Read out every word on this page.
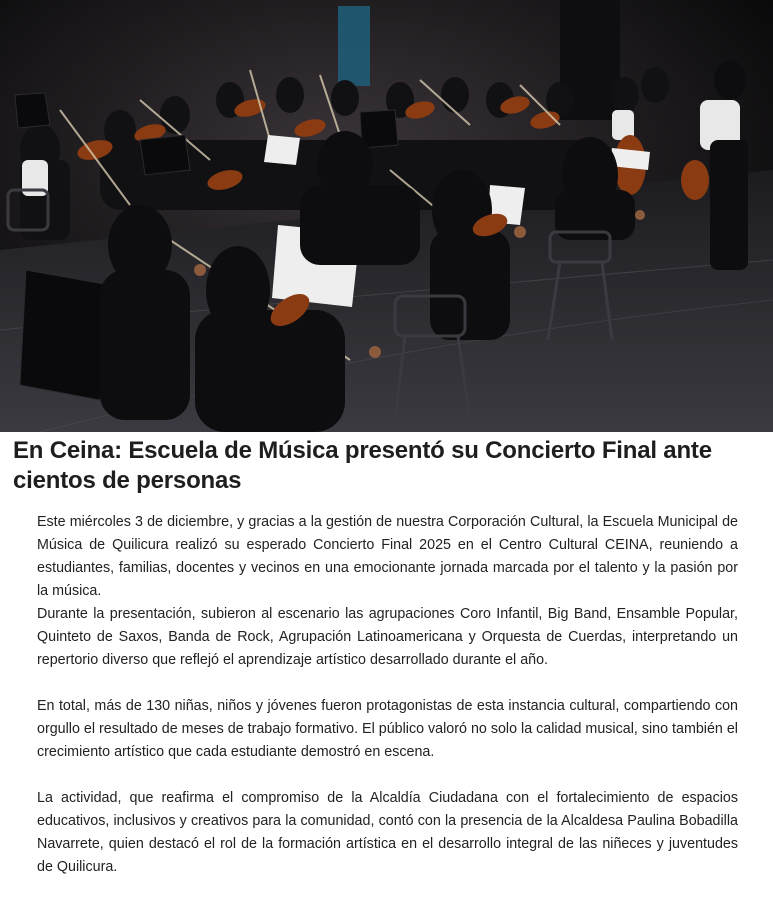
En Ceina: Escuela de Música presentó su Concierto Final ante cientos de personas

Este miércoles 3 de diciembre, y gracias a la gestión de nuestra Corporación Cultural, la Escuela Municipal de Música de Quilicura realizó su esperado Concierto Final 2025 en el Centro Cultural CEINA, reuniendo a estudiantes, familias, docentes y vecinos en una emocionante jornada marcada por el talento y la pasión por la música.

Durante la presentación, subieron al escenario las agrupaciones Coro Infantil, Big Band, Ensamble Popular, Quinteto de Saxos, Banda de Rock, Agrupación Latinoamericana y Orquesta de Cuerdas, interpretando un repertorio diverso que reflejó el aprendizaje artístico desarrollado durante el año.

En total, más de 130 niñas, niños y jóvenes fueron protagonistas de esta instancia cultural, compartiendo con orgullo el resultado de meses de trabajo formativo. El público valoró no solo la calidad musical, sino también el crecimiento artístico que cada estudiante demostró en escena.

La actividad, que reafirma el compromiso de la Alcaldía Ciudadana con el fortalecimiento de espacios educativos, inclusivos y creativos para la comunidad, contó con la presencia de la Alcaldesa Paulina Bobadilla Navarrete, quien destacó el rol de la formación artística en el desarrollo integral de las niñeces y juventudes de Quilicura.
